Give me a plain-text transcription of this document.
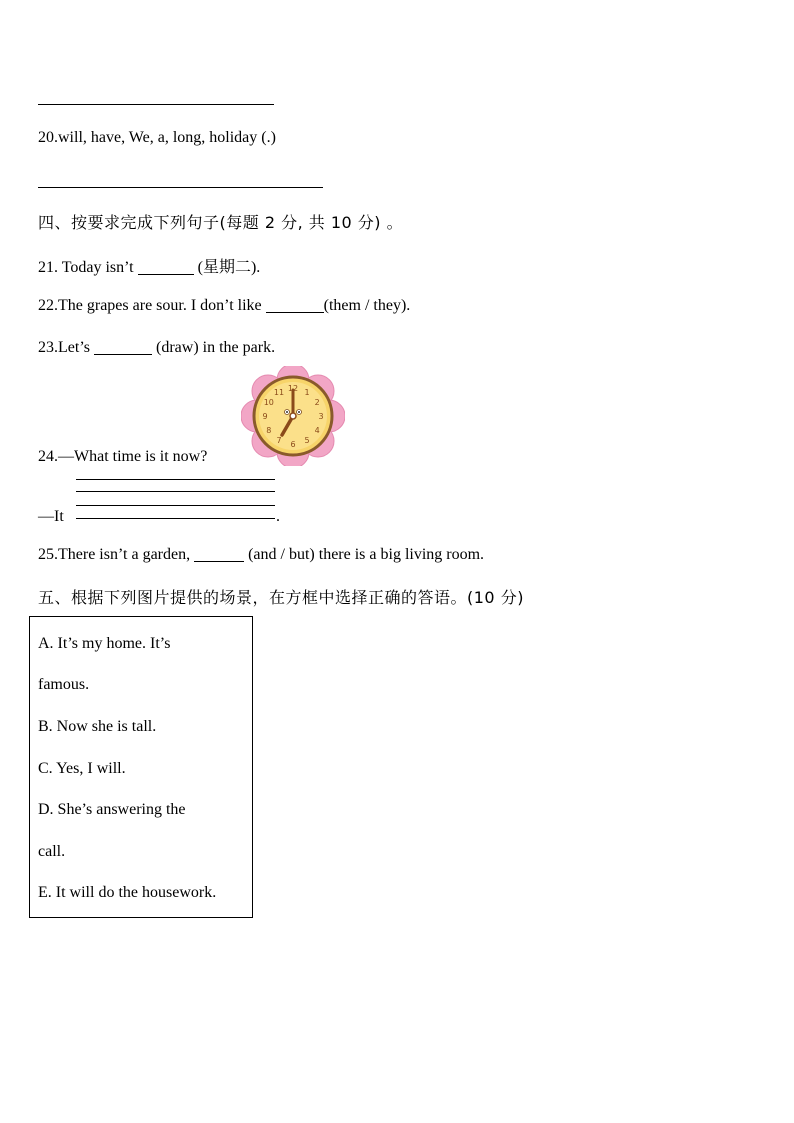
20.will, have, We, a, long, holiday (.)
四、按要求完成下列句子(每题 2 分, 共 10 分) 。
21. Today isn’t	(星期二).
22.The grapes are sour. I don’t like	(them / they).
23.Let’s	(draw) in the park.
12 1
2
3
4
5
6
7
8
9
10
11
24.—What time is it now?
—It	.
25.There isn’t a garden,	(and / but) there is a big living room.
五、根据下列图片提供的场景，在方框中选择正确的答语。(10 分)
A. It’s my home. It’s
famous.
B. Now she is tall.
C. Yes, I will.
D. She’s answering the
call.
E. It will do the housework.
